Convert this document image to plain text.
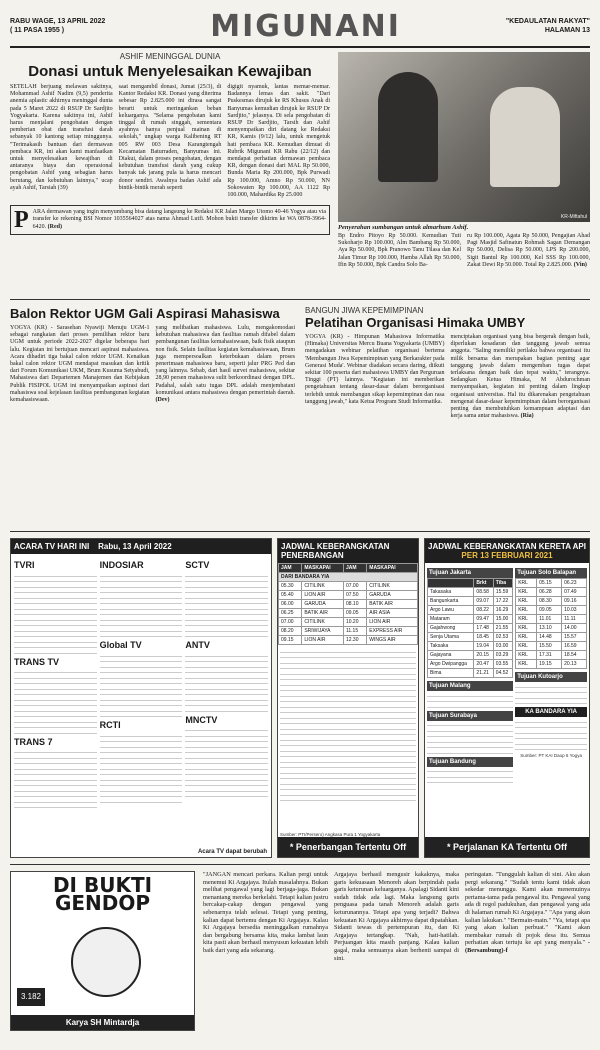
RABU WAGE, 13 APRIL 2022
( 11 PASA 1955 )	MIGUNANI	"KEDAULATAN RAKYAT"
HALAMAN 13
ASHIF MENINGGAL DUNIA
Donasi untuk Menyelesaikan Kewajiban
SETELAH berjuang melawan sakitnya, Mohammad Ashif Nadim (9,5) penderita anemia aplastic akhirnya meninggal dunia pada 5 Maret 2022 di RSUP Dr Sardjito Yogyakarta. Karena sakitnya ini, Ashif harus menjalani pengobatan dengan pemberian obat dan transfusi darah sebanyak 10 kantong setiap minggunya. "Terimakasih bantuan dari dermawan pembaca KR, ini akan kami manfaatkan untuk menyelesaikan kewajiban di antaranya biaya dan operasional pengobatan Ashif yang sebagian harus berutang, dan kebutuhan lainnya," ucap ayah Ashif, Tarsiah (39)
saat mengambil donasi, Jumat (25/3), di Kantor Redaksi KR. Donasi yang diterima sebesar Rp 2.825.000 ini dirasa sangat berarti untuk meringankan beban keluarganya. "Selama pengobatan kami tinggal di rumah singgah, sementara ayahnya hanya penjual mainan di sekolah," ungkap warga Kalibening RT 005 RW 003 Desa Karangtengah Kecamatan Baturraden, Banyumas ini. Diakui, dalam proses pengobatan, dengan kebutuhan transfusi darah yang cukup banyak tak jarang pula ia harus mencari donor sendiri. Awalnya badan Ashif ada bintik-bintik merah seperti
digigit nyamuk, lantas memar-memar. Badannya lemas dan sakit. "Dari Puskesmas dirujuk ke RS Khusus Anak di Banyumas kemudian dirujuk ke RSUP Dr Sardjito," jelasnya. Di sela pengobatan di RSUP Dr Sardjito, Tarsih dan Ashif menyempatkan diri datang ke Redaksi KR, Kamis (9/12) lalu, untuk mengetuk hati pembaca KR. Kemudian dimuat di Rubrik Migunani KR Rabu (22/12) dan mendapat perhatian dermawan pembaca KR, dengan donasi dari MAL Rp 50.000, Bunda Maria Rp 200.000, Bpk Purwadi Rp 100.000, Amno Rp 50.000, NN Sokowaten Rp 100.000, AA 1122 Rp 100.000, Mahardika Rp 25.000
P ARA dermawan yang ingin menyumbang bisa datang langsung ke Redaksi KR Jalan Margo Utomo 40-46 Yogya atau via transfer ke rekening BSI Nomor 1035564027 atas nama Ahmad Lutfi. Mohon bukti transfer dikirim ke WA 0878-3964-6420. (Red)
KR-Miftahul
Penyerahan sumbangan untuk almarhum Ashif.
Bp Endro Pitoyo Rp 50.000. Kemudian Tuti Sukoharjo Rp 100.000, Alm Bambang Rp 50.000, Aya Rp 50.000, Bpk Pranowo Tanu Tilasa dan Kel Jalan Timur Rp 100.000, Hamba Allah Rp 50.000, Ifin Rp 50.000, Bpk Candra Solo Ba-
ru Rp 100.000, Agata Rp 50.000, Pengajian Ahad Pagi Masjid Safinatun Rohmah Sagan Demangan Rp 50.000, Delisa Rp 50.000, LPS Rp 200.000, Sigit Bantul Rp 100.000, Kel SSS Rp 100.000, Zakat Dewi Rp 50.000. Total Rp 2.825.000. (Vin)
Balon Rektor UGM Gali Aspirasi Mahasiswa
YOGYA (KR) - Sarasehan Nyawiji Menuju UGM-1 sebagai rangkaian dari proses pemilihan rektor baru UGM untuk periode 2022-2027 digelar beberapa hari lalu. Kegiatan ini bertujuan mencari aspirasi mahasiswa. Acara dihadiri tiga bakal calon rektor UGM. Kenaikan bakal calon rektor UGM mendapat masukan dan kritik dari Forum Komunikasi UKM, Brum Kusuma Setyabudi, Mahasiswa dari Departemen Manajemen dan Kebijakan Publik FISIPOL UGM ini menyampaikan aspirasi dari mahasiswa soal kejelasan fasilitas pembangunan kegiatan kemahasiswaan.
yang melibatkan mahasiswa. Lulu, mengakomodasi kebutuhan mahasiswa dan fasilitas ramah difabel dalam pembangunan fasilitas kemahasiswaan, baik fisik ataupun non fisik. Selain fasilitas kegiatan kemahasiswaan, Brum juga mempersoalkan keterbukaan dalam proses penerimaan mahasiswa baru, seperti jalur PRG Ped dan yang lainnya. Sebab, dari hasil survei mahasiswa, sekitar 28,90 persen mahasiswa sulit berkoordinasi dengan DPL. Padahal, salah satu tugas DPL adalah menjembatani komunikasi antara mahasiswa dengan pemerintah daerah. (Dev)
BANGUN JIWA KEPEMIMPINAN
Pelatihan Organisasi Himaka UMBY
YOGYA (KR) - Himpunan Mahasiswa Informatika (Himaka) Universitas Mercu Buana Yogyakarta (UMBY) mengadakan webinar pelatihan organisasi bertema 'Membangun Jiwa Kepemimpinan yang Berkarakter pada Generasi Muda'. Webinar diadakan secara daring, diikuti sekitar 100 peserta dari mahasiswa UMBY dan Perguruan Tinggi (PT) lainnya. "Kegiatan ini memberikan pengetahuan tentang dasar-dasar dalam berorganisasi terlebih untuk membangun sikap kepemimpinan dan rasa tanggung jawab," kata Ketua Program Studi Informatika.
menciptakan organisasi yang bisa bergerak dengan baik, diperlukan kesadaran dan tanggung jawab semua anggota. "Saling memiliki perilaku bahwa organisasi itu milik bersama dan merupakan bagian penting agar tanggung jawab dalam mengemban tugas dapat terlaksana dengan baik dan tepat waktu," terangnya. Sedangkan Ketua Himaka, M Abdurochman menyampaikan, kegiatan ini penting dalam lingkup organisasi universitas. Hal itu dikarenakan pengetahuan mengenai dasar-dasar kepemimpinan dalam berorganisasi penting dan membutuhkan kemampuan adaptasi dan kerja sama antar mahasiswa. (Ria)
ACARA TV HARI INI Rabu, 13 April 2022
TVRI
TRANS TV
TRANS 7
INDOSIAR
Global TV
RCTI
SCTV
ANTV
MNCTV
Acara TV dapat berubah
JADWAL KEBERANGKATAN PENERBANGAN
JAM	MASKAPAI	JAM	MASKAPAI
DARI BANDARA YIA			
05.30	CITILINK	07.00	CITILINK
05.40	LION AIR	07.50	GARUDA
06.00	GARUDA	08.10	BATIK AIR
06.25	BATIK AIR	09.05	AIR ASIA
07.00	CITILINK	10.20	LION AIR
08.20	SRIWIJAYA	11.15	EXPRESS AIR
09.15	LION AIR	12.30	WINGS AIR
Sumber: PTI/Persero) Angkasa Pura 1 Yogyakarta
* Penerbangan Tertentu Off
JADWAL KEBERANGKATAN KERETA API
PER 13 FEBRUARI 2021
Tujuan Jakarta
	Brkt	Tiba
Takasaka	08.58	15.59
Bangunkarta	09.07	17.22
Argo Lawu	08.22	16.29
Mataram	09.47	15.00
Gajahwong	17.48	21.55
Senja Utama	18.45	02.53
Taksaka	19.04	03.00
Gajayana	20.15	03.29
Argo Dwipangga	20.47	03.55
Bima	21.21	04.52
Tujuan Malang
Tujuan Surabaya
Tujuan Bandung
Tujuan Solo Balapan
KRL	05.15	06.23
KRL	06.28	07.49
KRL	08.30	09.16
KRL	09.05	10.03
KRL	11.01	11.11
KRL	13.10	14.00
KRL	14.48	15.57
KRL	15.50	16.59
KRL	17.31	18.54
KRL	19.15	20.13
Tujuan Kutoarjo
KA BANDARA YIA
Sumber: PT KAI Daop 6 Yogya
* Perjalanan KA Tertentu Off
DI BUKTI GENDOP
3.182
Karya SH Mintardja
"JANGAN mencari perkara. Kalian pergi untuk menemui Ki Argajaya. Itulah masalahnya. Bukan melihat pengawal yang lagi berjaga-jaga. Bukan menantang mereka berkelahi. Tetapi kalian justru bercakap-cakap dengan pengawal yang sebenarnya telah selesai. Tetapi yang penting, kalian dapat bertemu dengan Ki Argajaya. Kalau Ki Argajaya bersedia meninggalkan rumahnya dan bergabung bersama kita, maka lambat laun kita pasti akan berhasil menyusun kekuatan lebih baik dari yang ada sekarang.
Argajaya berhasil mengusir kakaknya, maka garis kekuasaan Menoreh akan berpindah pada garis keturunan keluarganya. Apalagi Sidanti kini sudah tidak ada lagi. Maka langsung garis penguasa pada tanah Menoreh adalah garis keturunannya. Tetapi apa yang terjadi? Bahwa kekuatan Ki Argajaya akhirnya dapat dipatahkan. Sidanti tewas di pertempuran itu, dan Ki Argajaya tertangkap. "Nah, hati-hatilah. Perjuangan kita masih panjang. Kalau kalian gagal, maka semuanya akan berhenti sampai di sini.
peringatan. "Tunggulah kalian di sini. Aku akan pergi sekarang." "Sudah tentu kami tidak akan sekedar menunggu. Kami akan menemuinya pertama-tama pada pengawal itu. Pengawal yang ada di regol padukuhan, dan pengawal yang ada di halaman rumah Ki Argajaya." "Apa yang akan kalian lakukan." "Bermain-main." "Ya, tetapi apa yang akan kalian perbuat." "Kami akan membakar rumah di pojok desa itu. Semua perhatian akan tertuju ke api yang menyala." -(Bersambung)-f
